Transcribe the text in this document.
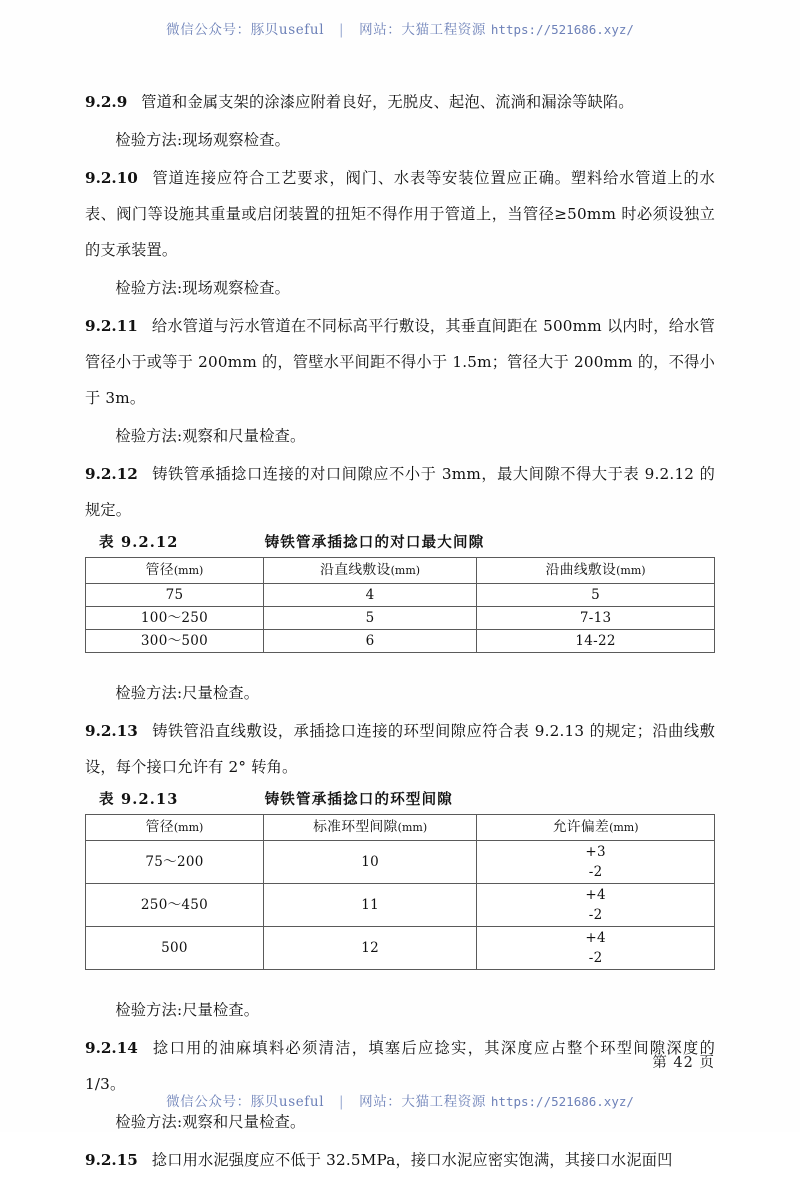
微信公众号：豚贝useful | 网站：大猫工程资源 https://521686.xyz/

9.2.9 管道和金属支架的涂漆应附着良好，无脱皮、起泡、流淌和漏涂等缺陷。

检验方法:现场观察检查。

9.2.10 管道连接应符合工艺要求，阀门、水表等安装位置应正确。塑料给水管道上的水表、阀门等设施其重量或启闭装置的扭矩不得作用于管道上，当管径≥50mm 时必须设独立的支承装置。

检验方法:现场观察检查。

9.2.11 给水管道与污水管道在不同标高平行敷设，其垂直间距在 500mm 以内时，给水管管径小于或等于 200mm 的，管壁水平间距不得小于 1.5m；管径大于 200mm 的，不得小于 3m。

检验方法:观察和尺量检查。

9.2.12 铸铁管承插捻口连接的对口间隙应不小于 3mm，最大间隙不得大于表 9.2.12 的规定。

表 9.2.12	铸铁管承插捻口的对口最大间隙
管径(mm)	沿直线敷设(mm)	沿曲线敷设(mm)
75	4	5
100～250	5	7-13
300～500	6	14-22

检验方法:尺量检查。

9.2.13 铸铁管沿直线敷设，承插捻口连接的环型间隙应符合表 9.2.13 的规定；沿曲线敷设，每个接口允许有 2° 转角。

表 9.2.13	铸铁管承插捻口的环型间隙
管径(mm)	标准环型间隙(mm)	允许偏差(mm)
75～200	10	+3
-2

250～450	11	+4
-2

500	12	+4
-2

检验方法:尺量检查。

9.2.14 捻口用的油麻填料必须清洁，填塞后应捻实，其深度应占整个环型间隙深度的 1/3。

检验方法:观察和尺量检查。

9.2.15 捻口用水泥强度应不低于 32.5MPa，接口水泥应密实饱满，其接口水泥面凹

第 42 页
微信公众号：豚贝useful | 网站：大猫工程资源 https://521686.xyz/
